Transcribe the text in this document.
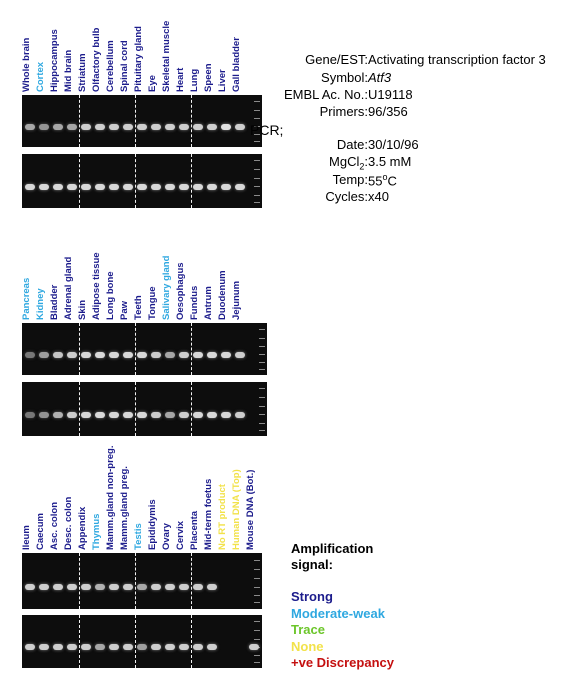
Whole brain Cortex Hippocampus Mid brain Striatum Olfactory bulb Cerebellum Spinal cord Pituitary gland Eye Skeletal muscle Heart Lung Speen Liver Gall bladder
Pancreas Kidney Bladder Adrenal gland Skin Adipose tissue Long bone Paw Teeth Tongue Salivary gland Oesophagus Fundus Antrum Duodenum Jejunum
Ileum Caecum Asc. colon Desc. colon Appendix Thymus Mamm.gland non-preg. Mamm.gland preg. Testis Epididymis Ovary Cervix Placenta Mid-term foetus No RT product Human DNA (Top) Mouse DNA (Bot.)
Gene/EST: Activating transcription factor 3
Symbol: Atf3
EMBL Ac. No.: U19118
Primers: 96/356
PCR;
Date: 30/10/96
MgCl$_2$: 3.5 mM
Temp: 55$^o$C
Cycles: x40
Amplification
signal:
Strong
Moderate-weak
Trace
None
+ve Discrepancy
